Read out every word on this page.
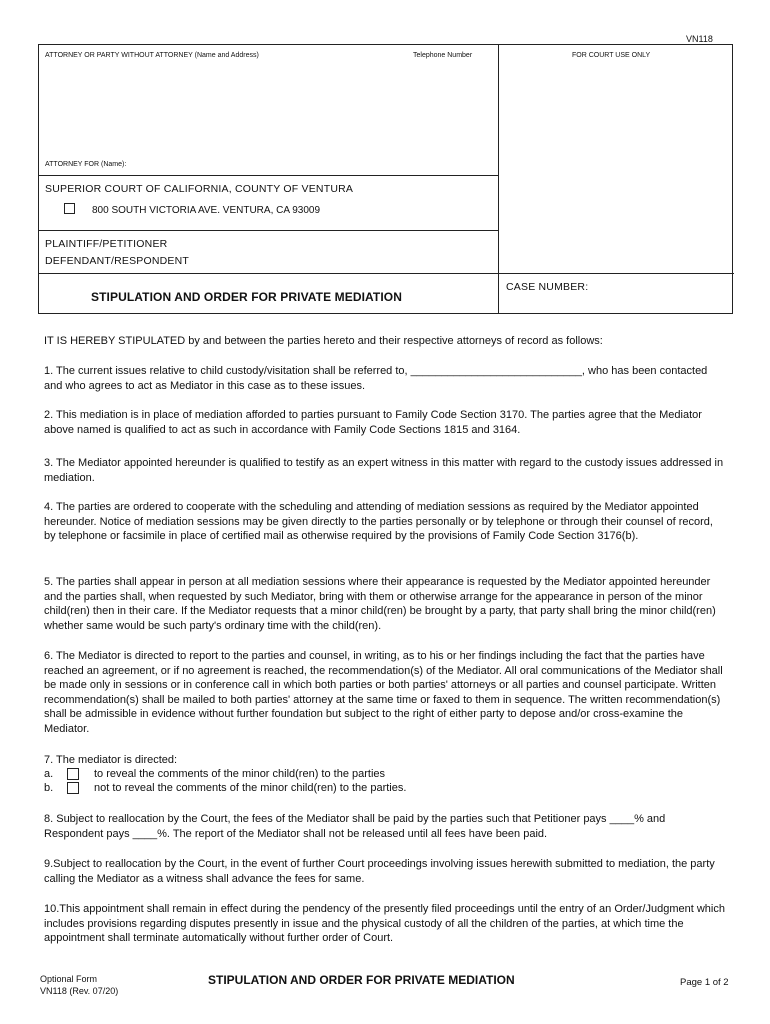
VN118
ATTORNEY OR PARTY WITHOUT ATTORNEY (Name and Address)	Telephone Number	FOR COURT USE ONLY
ATTORNEY FOR (Name):
SUPERIOR COURT OF CALIFORNIA, COUNTY OF VENTURA
800 SOUTH VICTORIA AVE. VENTURA, CA 93009
PLAINTIFF/PETITIONER
DEFENDANT/RESPONDENT
STIPULATION AND ORDER FOR PRIVATE MEDIATION
CASE NUMBER:
IT IS HEREBY STIPULATED by and between the parties hereto and their respective attorneys of record as follows:
1. The current issues relative to child custody/visitation shall be referred to, ____________________________, who has been contacted and who agrees to act as Mediator in this case as to these issues.
2. This mediation is in place of mediation afforded to parties pursuant to Family Code Section 3170. The parties agree that the Mediator above named is qualified to act as such in accordance with Family Code Sections 1815 and 3164.
3. The Mediator appointed hereunder is qualified to testify as an expert witness in this matter with regard to the custody issues addressed in mediation.
4. The parties are ordered to cooperate with the scheduling and attending of mediation sessions as required by the Mediator appointed hereunder. Notice of mediation sessions may be given directly to the parties personally or by telephone or through their counsel of record, by telephone or facsimile in place of certified mail as otherwise required by the provisions of Family Code Section 3176(b).
5. The parties shall appear in person at all mediation sessions where their appearance is requested by the Mediator appointed hereunder and the parties shall, when requested by such Mediator, bring with them or otherwise arrange for the appearance in person of the minor child(ren) then in their care. If the Mediator requests that a minor child(ren) be brought by a party, that party shall bring the minor child(ren) whether same would be such party's ordinary time with the child(ren).
6. The Mediator is directed to report to the parties and counsel, in writing, as to his or her findings including the fact that the parties have reached an agreement, or if no agreement is reached, the recommendation(s) of the Mediator. All oral communications of the Mediator shall be made only in sessions or in conference call in which both parties or both parties' attorneys or all parties and counsel participate. Written recommendation(s) shall be mailed to both parties' attorney at the same time or faxed to them in sequence. The written recommendation(s) shall be admissible in evidence without further foundation but subject to the right of either party to depose and/or cross-examine the Mediator.
7. The mediator is directed:
a.	to reveal the comments of the minor child(ren) to the parties
b.	not to reveal the comments of the minor child(ren) to the parties.
8. Subject to reallocation by the Court, the fees of the Mediator shall be paid by the parties such that Petitioner pays ____% and Respondent pays ____%. The report of the Mediator shall not be released until all fees have been paid.
9.Subject to reallocation by the Court, in the event of further Court proceedings involving issues herewith submitted to mediation, the party calling the Mediator as a witness shall advance the fees for same.
10.This appointment shall remain in effect during the pendency of the presently filed proceedings until the entry of an Order/Judgment which includes provisions regarding disputes presently in issue and the physical custody of all the children of the parties, at which time the appointment shall terminate automatically without further order of Court.
Optional Form
VN118 (Rev. 07/20)
STIPULATION AND ORDER FOR PRIVATE MEDIATION	Page 1 of 2
